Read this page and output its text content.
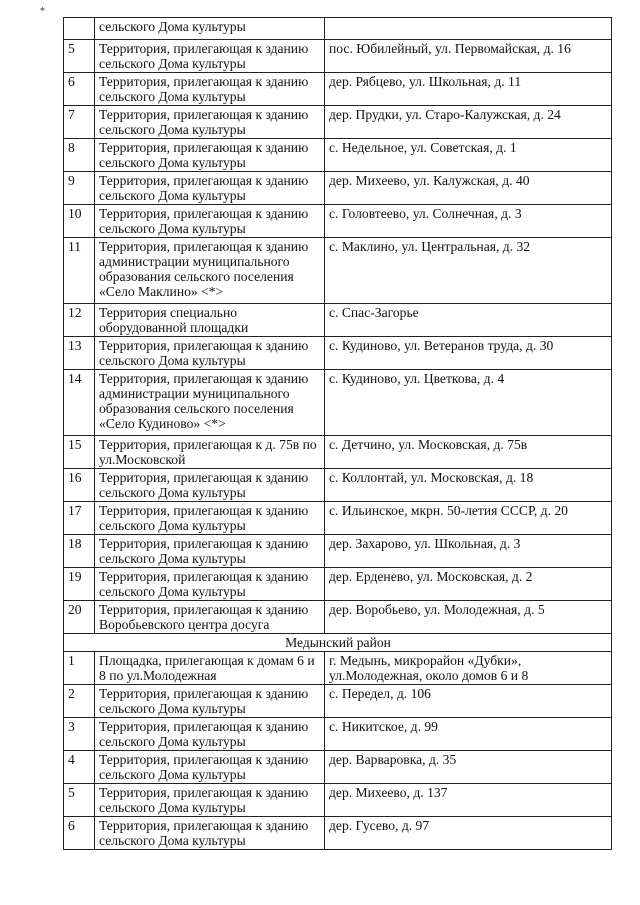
*
	сельского Дома культуры	
5	Территория, прилегающая к зданию сельского Дома культуры	пос. Юбилейный, ул. Первомайская, д. 16
6	Территория, прилегающая к зданию сельского Дома культуры	дер. Рябцево, ул. Школьная, д. 11
7	Территория, прилегающая к зданию сельского Дома культуры	дер. Прудки, ул. Старо-Калужская, д. 24
8	Территория, прилегающая к зданию сельского Дома культуры	с. Недельное, ул. Советская, д. 1
9	Территория, прилегающая к зданию сельского Дома культуры	дер. Михеево, ул. Калужская, д. 40
10	Территория, прилегающая к зданию сельского Дома культуры	с. Головтеево, ул. Солнечная, д. 3
11	Территория, прилегающая к зданию администрации муниципального образования сельского поселения «Село Маклино» <*>	с. Маклино, ул. Центральная, д. 32
12	Территория специально оборудованной площадки	с. Спас-Загорье
13	Территория, прилегающая к зданию сельского Дома культуры	с. Кудиново, ул. Ветеранов труда, д. 30
14	Территория, прилегающая к зданию администрации муниципального образования сельского поселения «Село Кудиново» <*>	с. Кудиново, ул. Цветкова, д. 4
15	Территория, прилегающая к д. 75в по ул.Московской	с. Детчино, ул. Московская, д. 75в
16	Территория, прилегающая к зданию сельского Дома культуры	с. Коллонтай, ул. Московская, д. 18
17	Территория, прилегающая к зданию сельского Дома культуры	с. Ильинское, мкрн. 50-летия СССР, д. 20
18	Территория, прилегающая к зданию сельского Дома культуры	дер. Захарово, ул. Школьная, д. 3
19	Территория, прилегающая к зданию сельского Дома культуры	дер. Ерденево, ул. Московская, д. 2
20	Территория, прилегающая к зданию Воробьевского центра досуга	дер. Воробьево, ул. Молодежная, д. 5
Медынский район		
1	Площадка, прилегающая к домам 6 и 8 по ул.Молодежная	г. Медынь, микрорайон «Дубки», ул.Молодежная, около домов 6 и 8
2	Территория, прилегающая к зданию сельского Дома культуры	с. Передел, д. 106
3	Территория, прилегающая к зданию сельского Дома культуры	с. Никитское, д. 99
4	Территория, прилегающая к зданию сельского Дома культуры	дер. Варваровка, д. 35
5	Территория, прилегающая к зданию сельского Дома культуры	дер. Михеево, д. 137
6	Территория, прилегающая к зданию сельского Дома культуры	дер. Гусево, д. 97
